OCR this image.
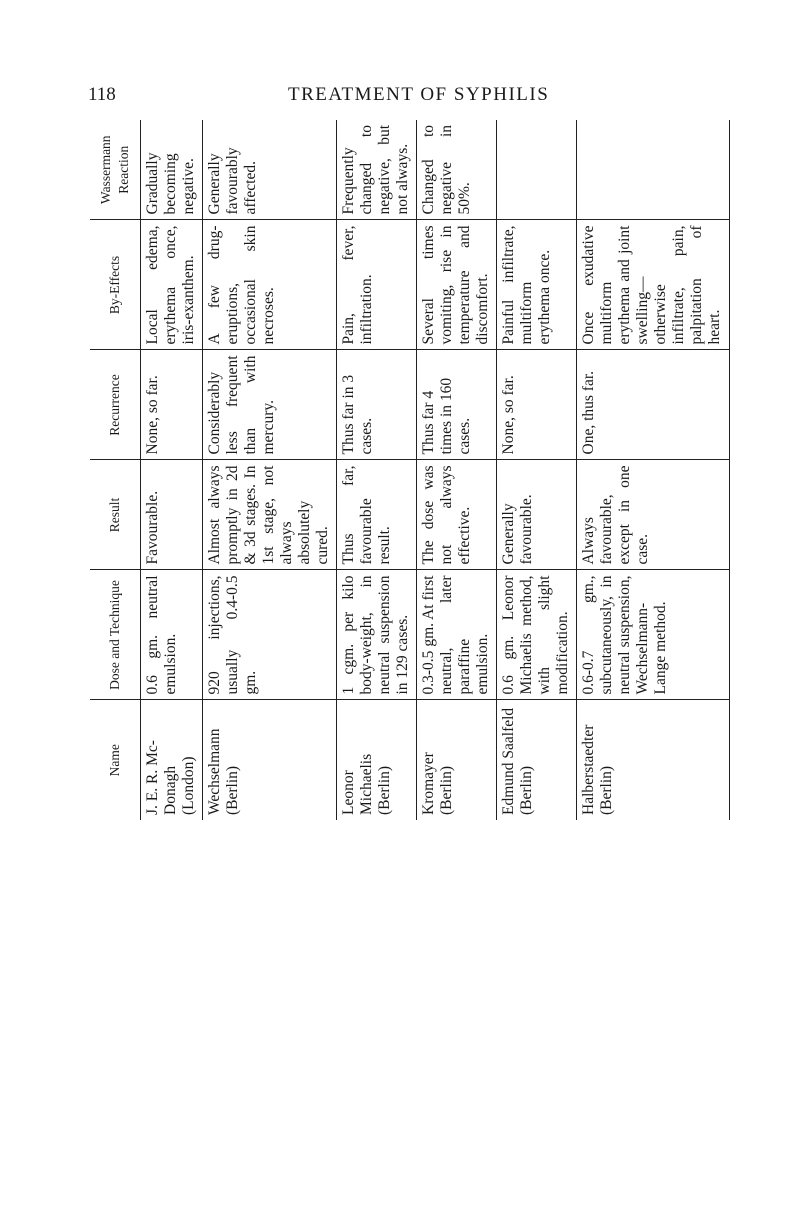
118	TREATMENT OF SYPHILIS
Name	Dose and Technique	Result	Recurrence	By-Effects	Wassermann Reaction
J. E. R. Mc-Donagh (London)	0.6 gm. neutral emulsion.	Favourable.	None, so far.	Local edema, erythema once, iris-exanthem.	Gradually becoming negative.
Wechselmann (Berlin)	920 injections, usually 0.4-0.5 gm.	Almost always promptly in 2d & 3d stages. In 1st stage, not always absolutely cured.	Considerably less frequent than with mercury.	A few drug-eruptions, occasional skin necroses.	Generally favourably affected.
Leonor Michaelis (Berlin)	1 cgm. per kilo body-weight, in neutral suspension in 129 cases.	Thus far, favourable result.	Thus far in 3 cases.	Pain, fever, infiltration.	Frequently changed to negative, but not always.
Kromayer (Berlin)	0.3-0.5 gm. At first neutral, later paraffine emulsion.	The dose was not always effective.	Thus far 4 times in 160 cases.	Several times vomiting, rise in temperature and discomfort.	Changed to negative in 50%.
Edmund Saalfeld (Berlin)	0.6 gm. Leonor Michaelis method, with slight modification.	Generally favourable.	None, so far.	Painful infiltrate, multiform erythema once.	
Halberstaedter (Berlin)	0.6-0.7 gm., subcutaneously, in neutral suspension, Wechselmann-Lange method.	Always favourable, except in one case.	One, thus far.	Once exudative multiform erythema and joint swelling—otherwise infiltrate, pain, palpitation of heart.	
